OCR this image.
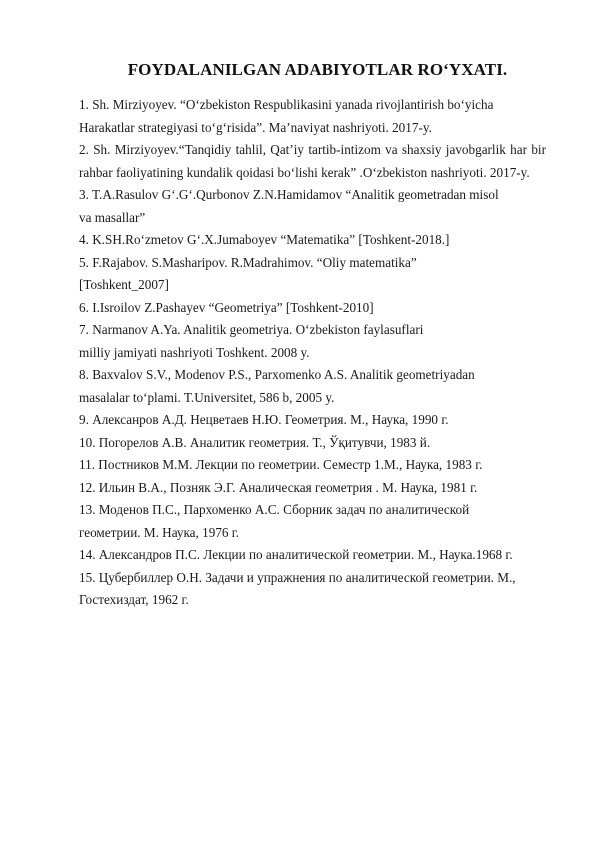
FOYDALANILGAN ADABIYOTLAR RO‘YXATI.
1. Sh. Mirziyoyev. “O‘zbekiston Respublikasini yanada rivojlantirish bo‘yicha
Harakatlar strategiyasi to‘g‘risida”. Ma’naviyat nashriyoti. 2017-y.
2. Sh. Mirziyoyev.“Tanqidiy tahlil, Qat’iy tartib-intizom va shaxsiy javobgarlik har bir rahbar faoliyatining kundalik qoidasi bo‘lishi kerak” .O‘zbekiston nashriyoti. 2017-y.
3. T.A.Rasulov G‘.G‘.Qurbonov Z.N.Hamidamov “Analitik geometradan misol
va masallar”
4. K.SH.Ro‘zmetov G‘.X.Jumaboyev “Matematika” [Toshkent-2018.]
5. F.Rajabov. S.Masharipov. R.Madrahimov. “Oliy matematika”
[Toshkent_2007]
6. I.Isroilov Z.Pashayev “Geometriya” [Toshkent-2010]
7. Narmanov A.Ya. Analitik geometriya. O‘zbekiston faylasuflari
milliy jamiyati nashriyoti Toshkent. 2008 y.
8. Baxvalov S.V., Modenov P.S., Parxomenko A.S. Analitik geometriyadan
masalalar to‘plami. T.Universitet, 586 b, 2005 y.
9. Алексанров А.Д. Нецветаев Н.Ю. Геометрия. М., Наука, 1990 г.
10. Погорелов А.В. Аналитик геометрия. Т., Ўқитувчи, 1983 й.
11. Постников М.М. Лекции по геометрии. Семестр 1.М., Наука, 1983 г.
12. Ильин В.А., Позняк Э.Г. Аналическая геометрия . М. Наука, 1981 г.
13. Моденов П.С., Пархоменко А.С. Сборник задач по аналитической
геометрии. М. Наука, 1976 г.
14. Александров П.С. Лекции по аналитической геометрии. М., Наука.1968 г.
15. Цубербиллер О.Н. Задачи и упражнения по аналитической геометрии. М.,
Гостехиздат, 1962 г.
